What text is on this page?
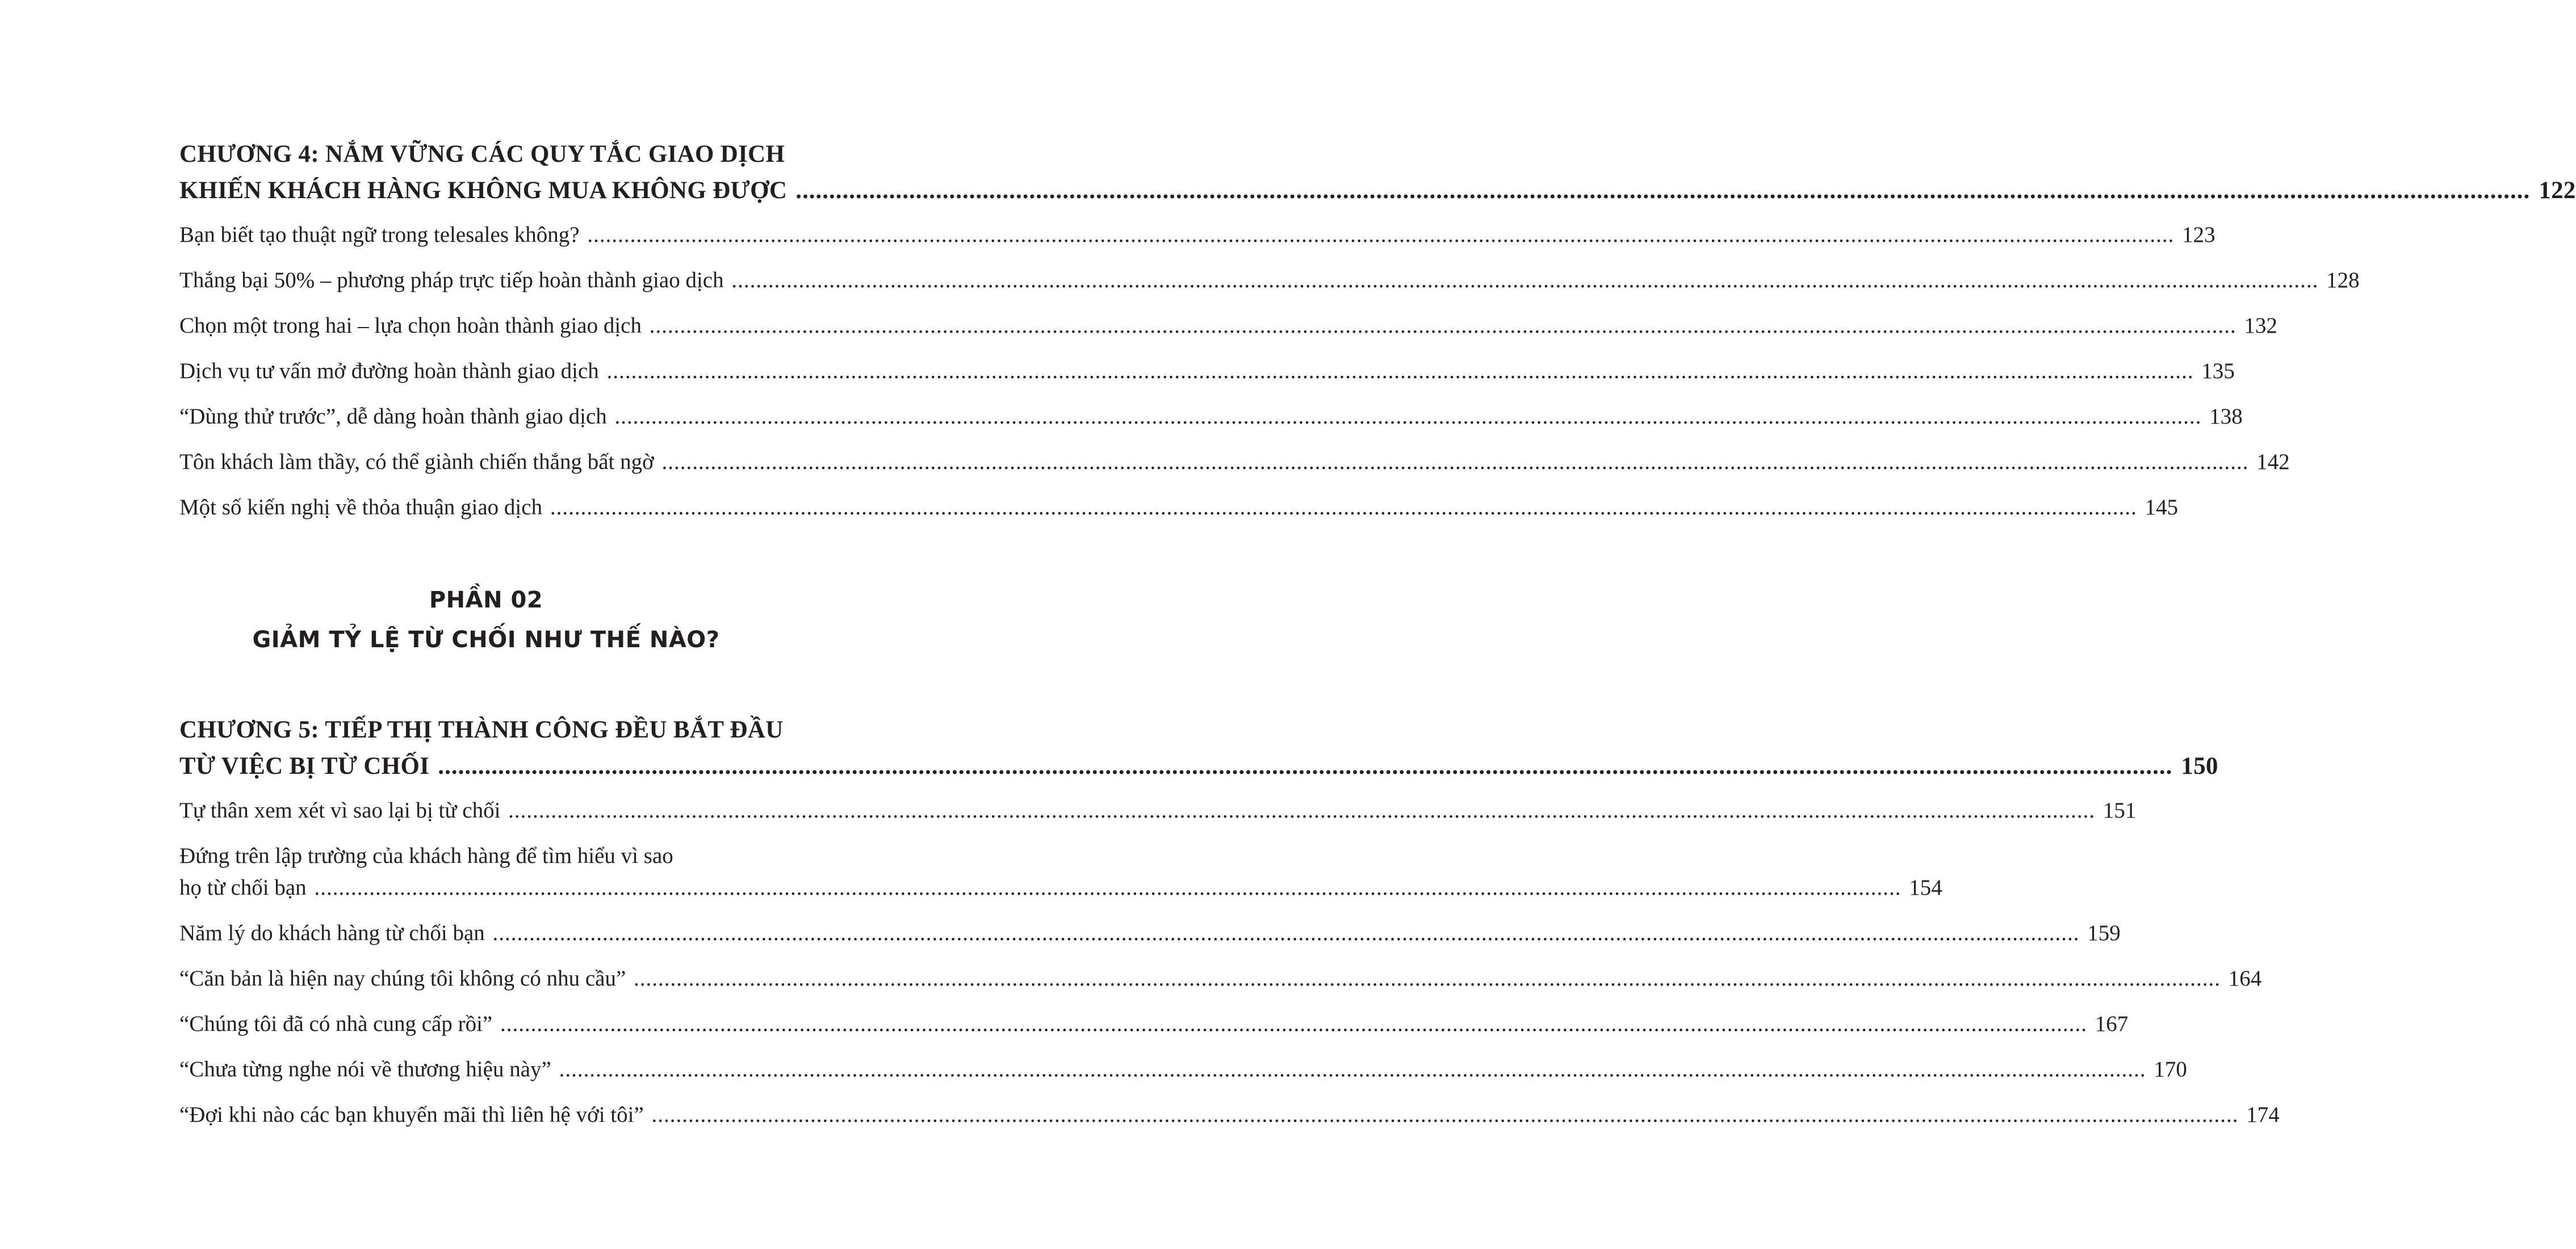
CHƯƠNG 4: NẮM VỮNG CÁC QUY TẮC GIAO DỊCH
KHIẾN KHÁCH HÀNG KHÔNG MUA KHÔNG ĐƯỢC .....	122
Bạn biết tạo thuật ngữ trong telesales không? .....	123
Thắng bại 50% – phương pháp trực tiếp hoàn thành giao dịch .....	128
Chọn một trong hai – lựa chọn hoàn thành giao dịch .....	132
Dịch vụ tư vấn mở đường hoàn thành giao dịch .....	135
“Dùng thử trước”, dễ dàng hoàn thành giao dịch .....	138
Tôn khách làm thầy, có thể giành chiến thắng bất ngờ .....	142
Một số kiến nghị về thỏa thuận giao dịch .....	145
PHẦN 02
GIẢM TỶ LỆ TỪ CHỐI NHƯ THẾ NÀO?
CHƯƠNG 5: TIẾP THỊ THÀNH CÔNG ĐỀU BẮT ĐẦU
TỪ VIỆC BỊ TỪ CHỐI .....	150
Tự thân xem xét vì sao lại bị từ chối .....	151
Đứng trên lập trường của khách hàng để tìm hiểu vì sao
họ từ chối bạn .....	154
Năm lý do khách hàng từ chối bạn .....	159
“Căn bản là hiện nay chúng tôi không có nhu cầu” .....	164
“Chúng tôi đã có nhà cung cấp rồi” .....	167
“Chưa từng nghe nói về thương hiệu này” .....	170
“Đợi khi nào các bạn khuyến mãi thì liên hệ với tôi” .....	174
